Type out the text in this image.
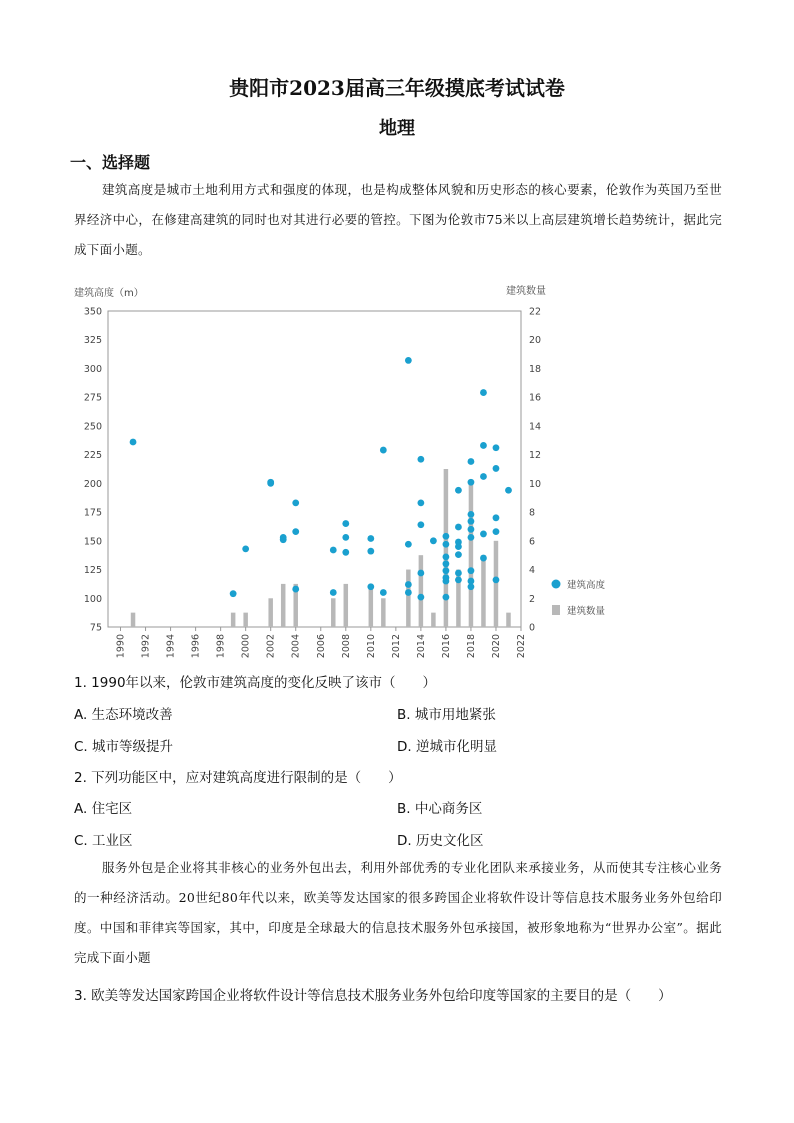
贵阳市2023届高三年级摸底考试试卷
地理
一、选择题
建筑高度是城市土地利用方式和强度的体现，也是构成整体风貌和历史形态的核心要素，伦敦作为英国乃至世界经济中心，在修建高建筑的同时也对其进行必要的管控。下图为伦敦市75米以上高层建筑增长趋势统计，据此完成下面小题。
建筑高度（m）	建筑数量
350
325
300
275
250
225
200
175
150
125
100
75
22
20
18
16
14
12
10
8
6
4
2
0
1990 1992 1994 1996 1998 2000 2002 2004 2006 2008 2010 2012 2014 2016 2018 2020 2022
建筑高度
建筑数量
1. 1990年以来，伦敦市建筑高度的变化反映了该市（　　）
A. 生态环境改善	B. 城市用地紧张
C. 城市等级提升	D. 逆城市化明显
2. 下列功能区中，应对建筑高度进行限制的是（　　）
A. 住宅区	B. 中心商务区
C. 工业区	D. 历史文化区
服务外包是企业将其非核心的业务外包出去，利用外部优秀的专业化团队来承接业务，从而使其专注核心业务的一种经济活动。20世纪80年代以来，欧美等发达国家的很多跨国企业将软件设计等信息技术服务业务外包给印度。中国和菲律宾等国家，其中，印度是全球最大的信息技术服务外包承接国，被形象地称为“世界办公室”。据此完成下面小题
3. 欧美等发达国家跨国企业将软件设计等信息技术服务业务外包给印度等国家的主要目的是（　　）
